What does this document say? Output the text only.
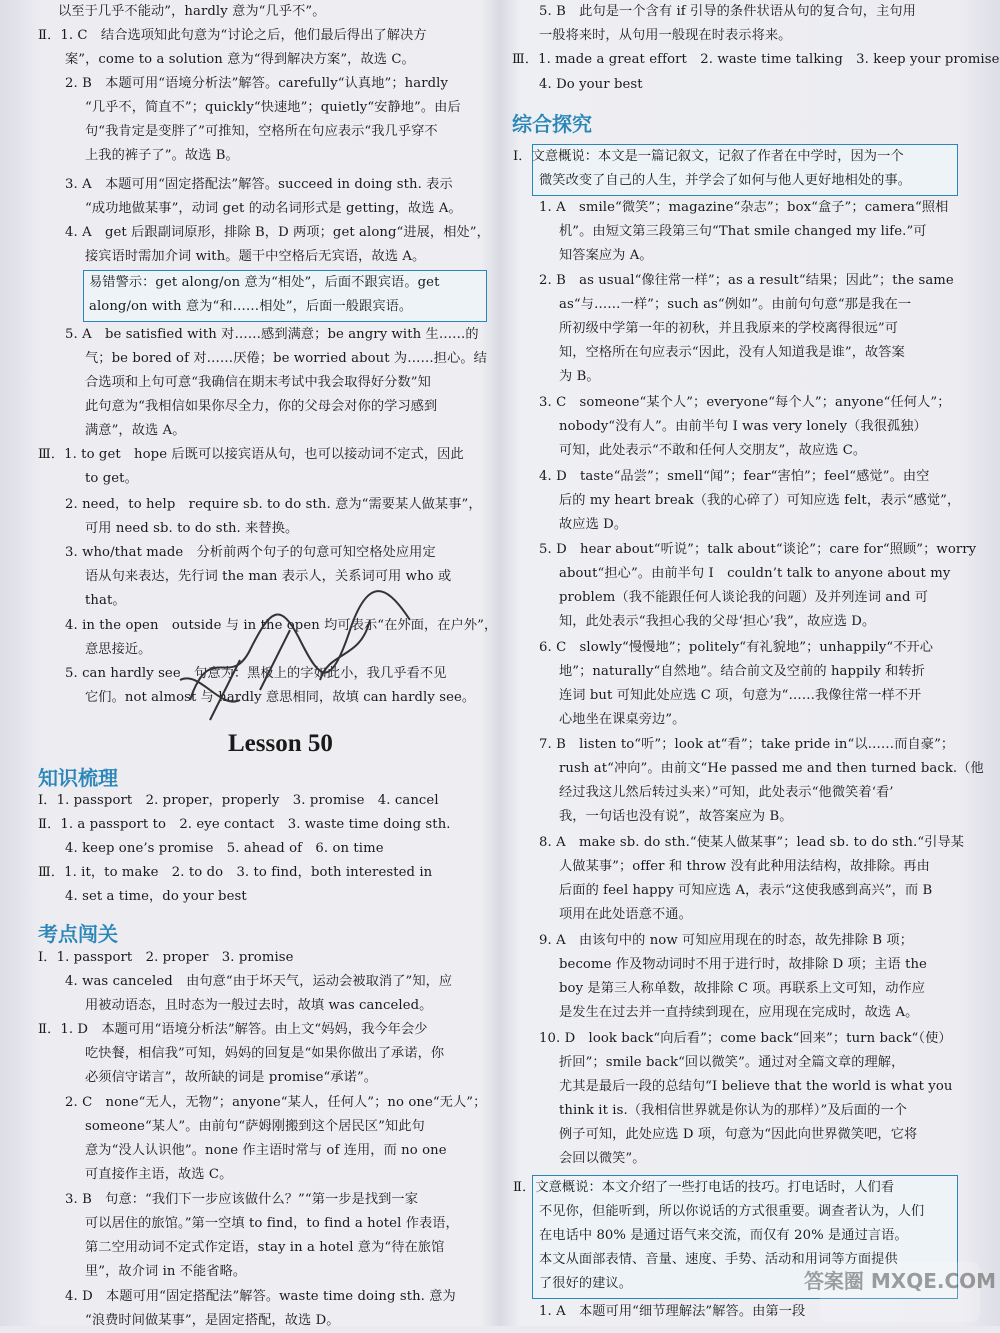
以至于几乎不能动”，hardly 意为“几乎不”。
Ⅱ．1. C　结合选项知此句意为“讨论之后，他们最后得出了解决方
案”，come to a solution 意为“得到解决方案”，故选 C。
2. B　本题可用“语境分析法”解答。carefully“认真地”；hardly
“几乎不，简直不”；quickly“快速地”；quietly“安静地”。由后
句“我肯定是变胖了”可推知，空格所在句应表示“我几乎穿不
上我的裤子了”。故选 B。
3. A　本题可用“固定搭配法”解答。succeed in doing sth. 表示
“成功地做某事”，动词 get 的动名词形式是 getting，故选 A。
4. A　get 后跟副词原形，排除 B，D 两项；get along“进展，相处”，
接宾语时需加介词 with。题干中空格后无宾语，故选 A。
易错警示：get along/on 意为“相处”，后面不跟宾语。get
along/on with 意为“和……相处”，后面一般跟宾语。
5. A　be satisfied with 对……感到满意；be angry with 生……的
气；be bored of 对……厌倦；be worried about 为……担心。结
合选项和上句可意“我确信在期末考试中我会取得好分数”知
此句意为“我相信如果你尽全力，你的父母会对你的学习感到
满意”，故选 A。
Ⅲ．1. to get　hope 后既可以接宾语从句，也可以接动词不定式，因此
to get。
2. need，to help　require sb. to do sth. 意为“需要某人做某事”，
可用 need sb. to do sth. 来替换。
3. who/that made　分析前两个句子的句意可知空格处应用定
语从句来表达，先行词 the man 表示人，关系词可用 who 或
that。
4. in the open　outside 与 in the open 均可表示“在外面，在户外”，
意思接近。
5. can hardly see　句意为：黑板上的字如此小，我几乎看不见
它们。not almost 与 hardly 意思相同，故填 can hardly see。
Lesson 50
知识梳理
Ⅰ．1. passport　2. proper，properly　3. promise　4. cancel
Ⅱ．1. a passport to　2. eye contact　3. waste time doing sth.
4. keep one’s promise　5. ahead of　6. on time
Ⅲ．1. it，to make　2. to do　3. to find，both interested in
4. set a time，do your best
考点闯关
Ⅰ．1. passport　2. proper　3. promise
4. was canceled　由句意“由于坏天气，运动会被取消了”知，应
用被动语态，且时态为一般过去时，故填 was canceled。
Ⅱ．1. D　本题可用“语境分析法”解答。由上文“妈妈，我今年会少
吃快餐，相信我”可知，妈妈的回复是“如果你做出了承诺，你
必须信守诺言”，故所缺的词是 promise“承诺”。
2. C　none“无人，无物”；anyone“某人，任何人”；no one“无人”；
someone“某人”。由前句“萨姆刚搬到这个居民区”知此句
意为“没人认识他”。none 作主语时常与 of 连用，而 no one
可直接作主语，故选 C。
3. B　句意：“我们下一步应该做什么？”“第一步是找到一家
可以居住的旅馆。”第一空填 to find，to find a hotel 作表语，
第二空用动词不定式作定语，stay in a hotel 意为“待在旅馆
里”，故介词 in 不能省略。
4. D　本题可用“固定搭配法”解答。waste time doing sth. 意为
“浪费时间做某事”，是固定搭配，故选 D。
5. B　此句是一个含有 if 引导的条件状语从句的复合句，主句用
一般将来时，从句用一般现在时表示将来。
Ⅲ．1. made a great effort　2. waste time talking　3. keep your promise
4. Do your best
综合探究
Ⅰ．文意概说：本文是一篇记叙文，记叙了作者在中学时，因为一个
微笑改变了自己的人生，并学会了如何与他人更好地相处的事。
1. A　smile“微笑”；magazine“杂志”；box“盒子”；camera“照相
机”。由短文第三段第三句“That smile changed my life.”可
知答案应为 A。
2. B　as usual“像往常一样”；as a result“结果；因此”；the same
as“与……一样”；such as“例如”。由前句句意“那是我在一
所初级中学第一年的初秋，并且我原来的学校离得很远”可
知，空格所在句应表示“因此，没有人知道我是谁”，故答案
为 B。
3. C　someone“某个人”；everyone“每个人”；anyone“任何人”；
nobody“没有人”。由前半句 I was very lonely（我很孤独）
可知，此处表示“不敢和任何人交朋友”，故应选 C。
4. D　taste“品尝”；smell“闻”；fear“害怕”；feel“感觉”。由空
后的 my heart break（我的心碎了）可知应选 felt，表示“感觉”，
故应选 D。
5. D　hear about“听说”；talk about“谈论”；care for“照顾”；worry
about“担心”。由前半句 I　couldn’t talk to anyone about my
problem（我不能跟任何人谈论我的问题）及并列连词 and 可
知，此处表示“我担心我的父母‘担心’我”，故应选 D。
6. C　slowly“慢慢地”；politely“有礼貌地”；unhappily“不开心
地”；naturally“自然地”。结合前文及空前的 happily 和转折
连词 but 可知此处应选 C 项，句意为“……我像往常一样不开
心地坐在课桌旁边”。
7. B　listen to“听”；look at“看”；take pride in“以……而自豪”；
rush at“冲向”。由前文“He passed me and then turned back.（他
经过我这儿然后转过头来）”可知，此处表示“他微笑着‘看’
我，一句话也没有说”，故答案应为 B。
8. A　make sb. do sth.“使某人做某事”；lead sb. to do sth.“引导某
人做某事”；offer 和 throw 没有此种用法结构，故排除。再由
后面的 feel happy 可知应选 A，表示“这使我感到高兴”，而 B
项用在此处语意不通。
9. A　由该句中的 now 可知应用现在的时态，故先排除 B 项；
become 作及物动词时不用于进行时，故排除 D 项；主语 the
boy 是第三人称单数，故排除 C 项。再联系上文可知，动作应
是发生在过去并一直持续到现在，应用现在完成时，故选 A。
10. D　look back“向后看”；come back“回来”；turn back“（使）
折回”；smile back“回以微笑”。通过对全篇文章的理解，
尤其是最后一段的总结句“I believe that the world is what you
think it is.（我相信世界就是你认为的那样）”及后面的一个
例子可知，此处应选 D 项，句意为“因此向世界微笑吧，它将
会回以微笑”。
Ⅱ．文意概说：本文介绍了一些打电话的技巧。打电话时，人们看
不见你，但能听到，所以你说话的方式很重要。调查者认为，人们
在电话中 80% 是通过语气来交流，而仅有 20% 是通过言语。
本文从面部表情、音量、速度、手势、活动和用词等方面提供
了很好的建议。
1. A　本题可用“细节理解法”解答。由第一段
答案圈 MXQE.COM
